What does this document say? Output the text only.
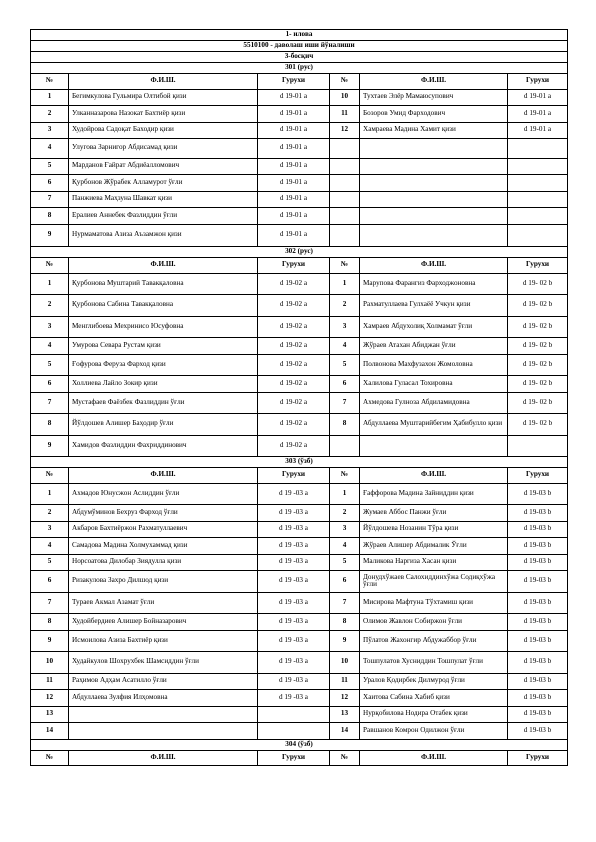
1- илова					
5510100 - даволаш иши йўналиши					
3-босқич					
301 (рус)					
№	Ф.И.Ш.	Гурухи	№	Ф.И.Ш.	Гурухи
1	Бегимкулова Гульмира Олтибой қизи	d 19-01 a	10	Тухтаев Элёр Мамаюсупович	d 19-01 a
2	Улканназарова Назокат Бахтиёр қизи	d 19-01 a	11	Бозоров Умид Фарходович	d 19-01 a
3	Худойрова Садоқат Баходир қизи	d 19-01 a	12	Хамраева Мадина Хамит қизи	d 19-01 a
4	Улугова Зарнигор Абдисамад қизи	d 19-01 a			
5	Марданов Ғайрат Абдиёалломович	d 19-01 a			
6	Қурбонов Жўрабек Алламурот ўғли	d 19-01 a			
7	Панжиева Маҳзуна Шавкат қизи	d 19-01 a			
8	Ералиев Аннебек Фазлиддин ўғли	d 19-01 a			
9	Нурмаматова Азиза Аъзамжон қизи	d 19-01 a			
302 (рус)					
№	Ф.И.Ш.	Гурухи	№	Ф.И.Ш.	Гурухи
1	Қурбонова Муштарий Тавакқаловна	d 19-02 a	1	Марупова Фарангиз Фарходжоновна	d 19- 02 b
2	Қурбонова Сабина Тавакқаловна	d 19-02 a	2	Рахматуллаева Гулхаёё Учкун қизи	d 19- 02 b
3	Менглибоева Мехринисо Юсуфовна	d 19-02 a	3	Хамраев Абдухолиқ Холмамат ўғли	d 19- 02 b
4	Умурова Севара Рустам қизи	d 19-02 a	4	Жўраев Атахан Абиджан ўғли	d 19- 02 b
5	Ғофурова Феруза Фарход қизи	d 19-02 a	5	Полвонова Махфузахон Жомоловна	d 19- 02 b
6	Холлиева Лайло Зокир қизи	d 19-02 a	6	Халилова Гуласал Тохировна	d 19- 02 b
7	Мустафаев Фаёзбек Фазлиддин ўғли	d 19-02 a	7	Ахмедова Гулноза Абдиламидовна	d 19- 02 b
8	Йўлдошев Алишер Баҳодир ўғли	d 19-02 a	8	Абдуллаева Муштарийбегим Ҳабибулло қизи	d 19- 02 b
9	Хамидов Фазлиддин Фахриддинович	d 19-02 a			
303 (ўзб)					
№	Ф.И.Ш.	Гурухи	№	Ф.И.Ш.	Гурухи
1	Ахмадов Юнусжон Аслиддин ўғли	d 19 -03 a	1	Ғаффорова Мадина Зайниддин қизи	d 19-03 b
2	Абдумўминов Бехруз Фарход ўғли	d 19 -03 a	2	Жумаев Аббос Панжи ўғли	d 19-03 b
3	Акбаров Бахтиёржон Рахматуллаевич	d 19 -03 a	3	Йўлдошева Нозанин Тўра қизи	d 19-03 b
4	Самадова Мадина Холмухаммад қизи	d 19 -03 a	4	Жўраев Алишер Абдималик Ўғли	d 19-03 b
5	Норсоатова Дилобар Зиядулла қизи	d 19 -03 a	5	Маликова Наргиза Хасан қизи	d 19-03 b
6	Ризакулова Захро Дилшод қизи	d 19 -03 a	6	Донудхўжаев Салохиддинхўжа Содиқхўжа ўғли	d 19-03 b
7	Тураев Акмал Азамат ўғли	d 19 -03 a	7	Мисирова Мафтуна Тўхтамиш қизи	d 19-03 b
8	Худойбердиев Алишер Бойназарович	d 19 -03 a	8	Олимов Жавлон Собиржон ўғли	d 19-03 b
9	Исмоилова Азиза Бахтиёр қизи	d 19 -03 a	9	Пўлатов Жахонгир Абдужаббор ўғли	d 19-03 b
10	Худайкулов Шохрухбек Шамсиддин ўғли	d 19 -03 a	10	Тошпулатов Хусниддин Тошпулат ўғли	d 19-03 b
11	Раҳимов Адҳам Асатилло ўғли	d 19 -03 a	11	Уралов Қодирбек Дилмурод ўғли	d 19-03 b
12	Абдуллаева Зулфия Илҳомовна	d 19 -03 a	12	Хаитова Сабина Хабиб қизи	d 19-03 b
13			13	Нурқобилова Нодира Отабек қизи	d 19-03 b
14			14	Равшанов Комрон Одилжон ўғли	d 19-03 b
304 (ўзб)					
№	Ф.И.Ш.	Гурухи	№	Ф.И.Ш.	Гурухи
